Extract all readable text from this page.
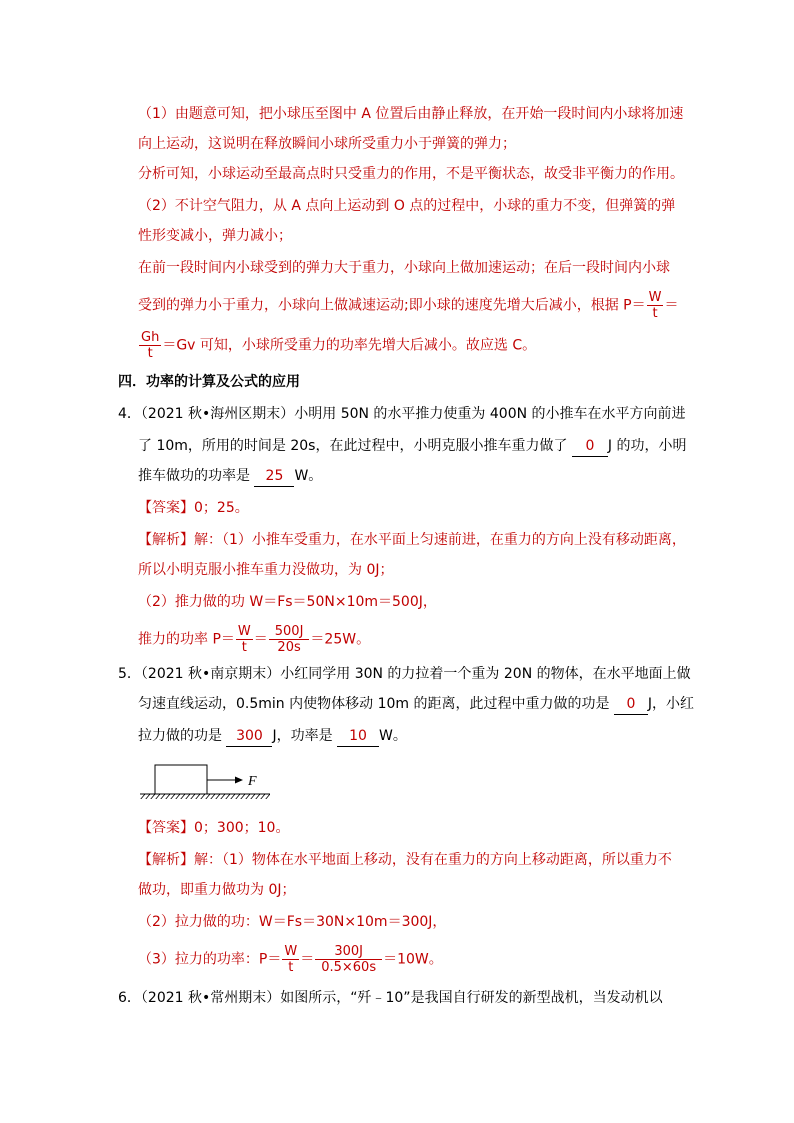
（1）由题意可知，把小球压至图中 A 位置后由静止释放，在开始一段时间内小球将加速
向上运动，这说明在释放瞬间小球所受重力小于弹簧的弹力；
分析可知，小球运动至最高点时只受重力的作用，不是平衡状态，故受非平衡力的作用。
（2）不计空气阻力，从 A 点向上运动到 O 点的过程中，小球的重力不变，但弹簧的弹
性形变减小，弹力减小；
在前一段时间内小球受到的弹力大于重力，小球向上做加速运动；在后一段时间内小球
受到的弹力小于重力，小球向上做减速运动;即小球的速度先增大后减小，根据 $P= \frac{W}{t}$ ＝
$\frac{Gh}{t} =Gv$ 可知，小球所受重力的功率先增大后减小。故应选 C。
四．功率的计算及公式的应用
4．（2021 秋•海州区期末）小明用 50N 的水平推力使重为 400N 的小推车在水平方向前进
了 10m，所用的时间是 20s，在此过程中，小明克服小推车重力做了 0 J 的功，小明
推车做功的功率是 25 W。
【答案】0；25。
【解析】解：（1）小推车受重力，在水平面上匀速前进，在重力的方向上没有移动距离，
所以小明克服小推车重力没做功，为 0J；
（2）推力做的功 W＝Fs＝50N×10m＝500J，
推力的功率 $P= \frac{W}{t} = \frac{500J}{20s} =25W$。
5．（2021 秋•南京期末）小红同学用 30N 的力拉着一个重为 20N 的物体，在水平地面上做
匀速直线运动，0.5min 内使物体移动 10m 的距离，此过程中重力做的功是 0 J，小红
拉力做的功是 300 J，功率是 10 W。
F
【答案】0；300；10。
【解析】解：（1）物体在水平地面上移动，没有在重力的方向上移动距离，所以重力不
做功，即重力做功为 0J；
（2）拉力做的功：W＝Fs＝30N×10m＝300J，
（3）拉力的功率：$P= \frac{W}{t} = \frac{300J}{0.5\times 60s} =10W$。
6．（2021 秋•常州期末）如图所示，“歼﹣10”是我国自行研发的新型战机，当发动机以
